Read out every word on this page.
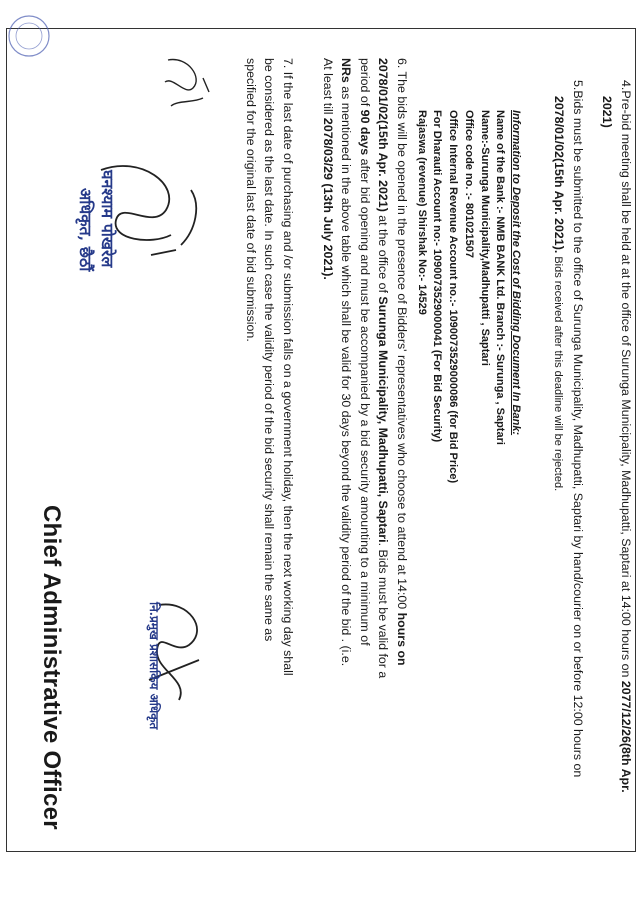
4.Pre-bid meeting shall be held at at the office of Surunga Municipality, Madhupatti, Saptari at 14:00 hours on 2077/12/26(8th Apr.
2021)
5.Bids must be submitted to the office of Surunga Municipality, Madhupatti, Saptari by hand/courier on or before 12:00 hours on
2078/01/02(15th Apr. 2021). Bids received after this deadline will be rejected.
Information to Deposit the Cost of Bidding Document In Bank:
Name of the Bank :- NMB BANK Ltd. Branch :- Surunga , Saptari
Name:-Surunga Municipality,Madhupatti , Saptari
Office code no. :- 801021507
Office Internal Revenue Account no.:- 1090073529000086 (for Bid Price)
For Dharauti Account no:- 1090073529000041 (For Bid Security)
Rajaswa (revenue) Shirshak No:- 14529
6. The bids will be opened in the presence of Bidders' representatives who choose to attend at 14:00 hours on
2078/01/02(15th Apr. 2021) at the office of Surunga Municipality, Madhupatti, Saptari. Bids must be valid for a
period of 90 days after bid opening and must be accompanied by a bid security amounting to a minimum of
NRs as mentioned in the above table which shall be valid for 30 days beyond the validity period of the bid . (i.e.
At least till 2078/03/29 (13th July 2021).
7. If the last date of purchasing and /or submission falls on a government holiday, then the next working day shall
be considered as the last date. In such case the validity period of the bid security shall remain the same as
specified for the original last date of bid submission.
घनश्याम पोखरेल
अधिकृत, छैठौं
नि.प्रमुख प्रशासकिय अधिकृत
Chief Administrative Officer
